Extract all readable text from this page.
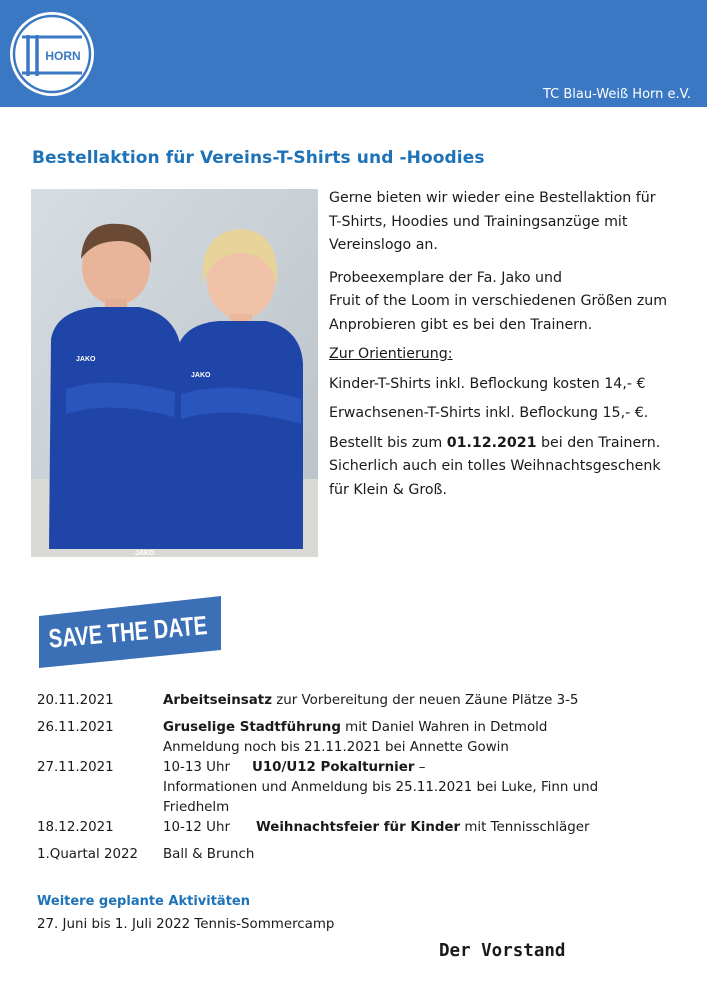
HORN
TC Blau-Weiß Horn e.V.
Bestellaktion für Vereins-T-Shirts und -Hoodies
JAKO
JAKO
JAKO

Gerne bieten wir wieder eine Bestellaktion für

T-Shirts, Hoodies und Trainingsanzüge mit

Vereinslogo an.

Probeexemplare der Fa. Jako und

Fruit of the Loom in verschiedenen Größen zum

Anprobieren gibt es bei den Trainern.

Zur Orientierung:

Kinder-T-Shirts inkl. Beflockung kosten 14,- €

Erwachsenen-T-Shirts inkl. Beflockung 15,- €.

Bestellt bis zum 01.12.2021 bei den Trainern.

Sicherlich auch ein tolles Weihnachtsgeschenk

für Klein & Groß.

SAVE THE DATE
20.11.2021	Arbeitseinsatz zur Vorbereitung der neuen Zäune Plätze 3-5
26.11.2021	Gruselige Stadtführung mit Daniel Wahren in Detmold
Anmeldung noch bis 21.11.2021 bei Annette Gowin
27.11.2021	10-13 Uhr U10/U12 Pokalturnier –
Informationen und Anmeldung bis 25.11.2021 bei Luke, Finn und
Friedhelm
18.12.2021	10-12 Uhr Weihnachtsfeier für Kinder mit Tennisschläger
1.Quartal 2022 Ball & Brunch
Weitere geplante Aktivitäten
27. Juni bis 1. Juli 2022 Tennis-Sommercamp
Der Vorstand
